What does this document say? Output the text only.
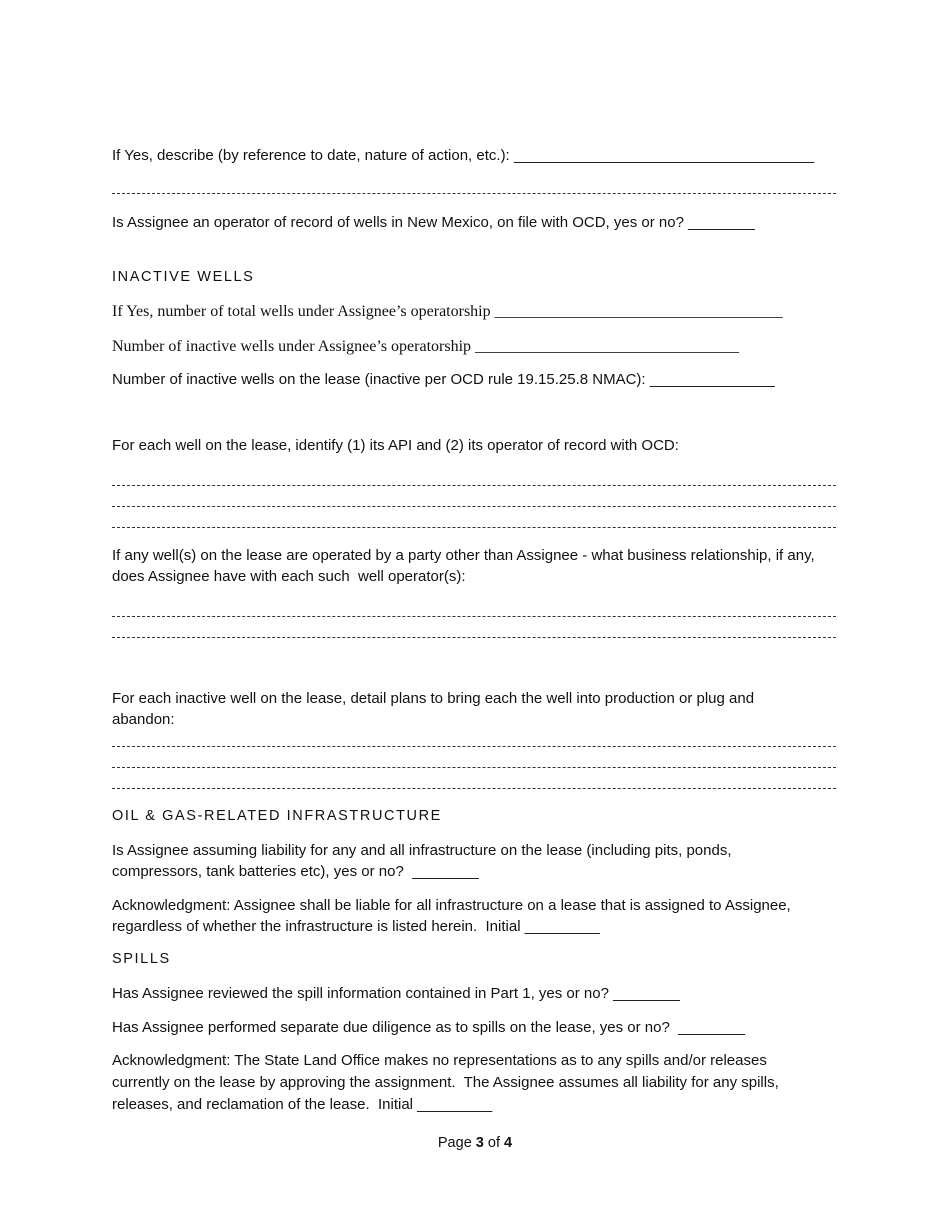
If Yes, describe (by reference to date, nature of action, etc.): ____________________________________

Is Assignee an operator of record of wells in New Mexico, on file with OCD, yes or no? ________

INACTIVE WELLS

If Yes, number of total wells under Assignee’s operatorship ____________________________________

Number of inactive wells under Assignee’s operatorship _________________________________

Number of inactive wells on the lease (inactive per OCD rule 19.15.25.8 NMAC): _______________

For each well on the lease, identify (1) its API and (2) its operator of record with OCD:

If any well(s) on the lease are operated by a party other than Assignee - what business relationship, if any,

does Assignee have with each such  well operator(s):

For each inactive well on the lease, detail plans to bring each the well into production or plug and

abandon:

OIL & GAS-RELATED INFRASTRUCTURE

Is Assignee assuming liability for any and all infrastructure on the lease (including pits, ponds,

compressors, tank batteries etc), yes or no?  ________

Acknowledgment: Assignee shall be liable for all infrastructure on a lease that is assigned to Assignee,

regardless of whether the infrastructure is listed herein.  Initial _________

SPILLS

Has Assignee reviewed the spill information contained in Part 1, yes or no? ________

Has Assignee performed separate due diligence as to spills on the lease, yes or no?  ________

Acknowledgment: The State Land Office makes no representations as to any spills and/or releases

currently on the lease by approving the assignment.  The Assignee assumes all liability for any spills,

releases, and reclamation of the lease.  Initial _________

Page 3 of 4
